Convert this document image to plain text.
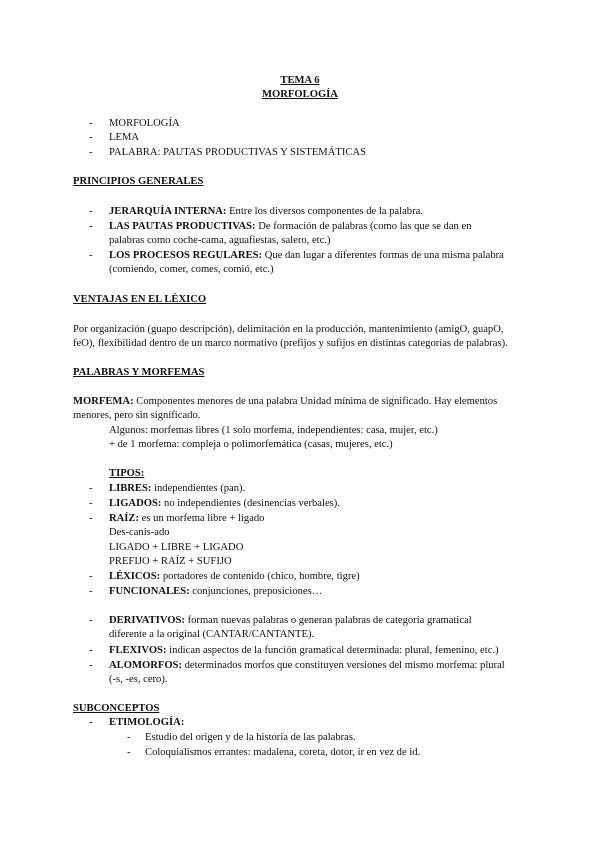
TEMA 6
MORFOLOGÍA
- MORFOLOGÍA
- LEMA
- PALABRA: PAUTAS PRODUCTIVAS Y SISTEMÁTICAS
PRINCIPIOS GENERALES
- JERARQUÍA INTERNA: Entre los diversos componentes de la palabra.
- LAS PAUTAS PRODUCTIVAS: De formación de palabras (como las que se dan en
palabras como coche-cama, aguafiestas, salero, etc.)
- LOS PROCESOS REGULARES: Que dan lugar a diferentes formas de una misma palabra
(comiendo, comer, comes, comió, etc.)
VENTAJAS EN EL LÉXICO
Por organización (guapo descripción), delimitación en la producción, mantenimiento (amigO, guapO,
feO), flexibilidad dentro de un marco normativo (prefijos y sufijos en distintas categorías de palabras).
PALABRAS Y MORFEMAS
MORFEMA: Componentes menores de una palabra Unidad mínima de significado. Hay elementos
menores, pero sin significado.
Algunos: morfemas libres (1 solo morfema, independientes: casa, mujer, etc.)
+ de 1 morfema: compleja o polimorfemática (casas, mujeres, etc.)
TIPOS:
- LIBRES: independientes (pan).
- LIGADOS: no independientes (desinencias verbales).
- RAÍZ: es un morfema libre + ligado
Des-canis-ado
LIGADO + LIBRE + LIGADO
PREFIJO + RAÍZ + SUFIJO
- LÉXICOS: portadores de contenido (chico, hombre, tigre)
- FUNCIONALES: conjunciones, preposiciones…
- DERIVATIVOS: forman nuevas palabras o generan palabras de categoría gramatical
diferente a la original (CANTAR/CANTANTE).
- FLEXIVOS: indican aspectos de la función gramatical determinada: plural, femenino, etc.)
- ALOMORFOS: determinados morfos que constituyen versiones del mismo morfema: plural
(-s, -es, cero).
SUBCONCEPTOS
- ETIMOLOGÍA:
- Estudio del origen y de la historia de las palabras.
- Coloquialismos errantes: madalena, coreta, dotor, ir en vez de id.
